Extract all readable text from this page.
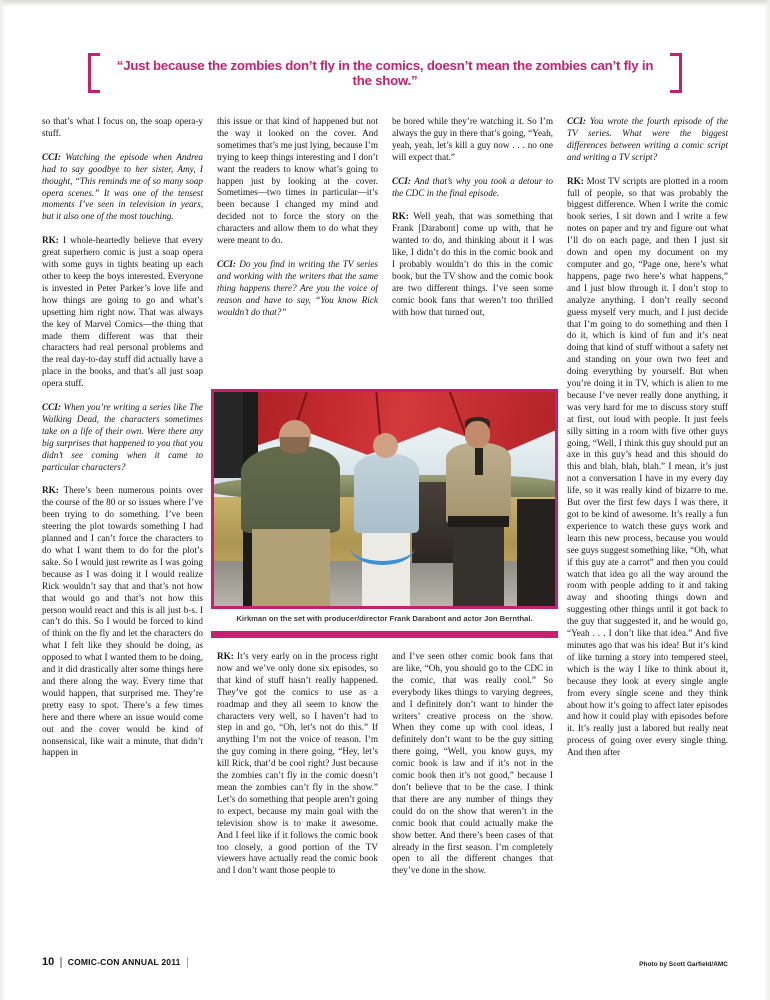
“Just because the zombies don’t fly in the comics, doesn’t mean the zombies can’t fly in the show.”

so that’s what I focus on, the soap opera-y stuff.

CCI: Watching the episode when Andrea had to say goodbye to her sister, Amy, I thought, “This reminds me of so many soap opera scenes.” It was one of the tensest moments I’ve seen in television in years, but it also one of the most touching.

RK: I whole-heartedly believe that every great superhero comic is just a soap opera with some guys in tights beating up each other to keep the boys interested. Everyone is invested in Peter Parker’s love life and how things are going to go and what’s upsetting him right now. That was always the key of Marvel Comics—the thing that made them different was that their characters had real personal problems and the real day-to-day stuff did actually have a place in the books, and that’s all just soap opera stuff.

CCI: When you’re writing a series like The Walking Dead, the characters sometimes take on a life of their own. Were there any big surprises that happened to you that you didn’t see coming when it came to particular characters?

RK: There’s been numerous points over the course of the 80 or so issues where I’ve been trying to do something. I’ve been steering the plot towards something I had planned and I can’t force the characters to do what I want them to do for the plot’s sake. So I would just rewrite as I was going because as I was doing it I would realize Rick wouldn’t say that and that’s not how that would go and that’s not how this person would react and this is all just b-s. I can’t do this. So I would be forced to kind of think on the fly and let the characters do what I felt like they should be doing, as opposed to what I wanted them to be doing, and it did drastically alter some things here and there along the way. Every time that would happen, that surprised me. They’re pretty easy to spot. There’s a few times here and there where an issue would come out and the cover would be kind of nonsensical, like wait a minute, that didn’t happen in

this issue or that kind of happened but not the way it looked on the cover. And sometimes that’s me just lying, because I’m trying to keep things interesting and I don’t want the readers to know what’s going to happen just by looking at the cover. Sometimes—two times in particular—it’s been because I changed my mind and decided not to force the story on the characters and allow them to do what they were meant to do.

CCI: Do you find in writing the TV series and working with the writers that the same thing happens there? Are you the voice of reason and have to say, “You know Rick wouldn’t do that?”

be bored while they’re watching it. So I’m always the guy in there that’s going, “Yeah, yeah, yeah, let’s kill a guy now . . . no one will expect that.”

CCI: And that’s why you took a detour to the CDC in the final episode.

RK: Well yeah, that was something that Frank [Darabont] come up with, that he wanted to do, and thinking about it I was like, I didn’t do this in the comic book and I probably wouldn’t do this in the comic book, but the TV show and the comic book are two different things. I’ve seen some comic book fans that weren’t too thrilled with how that turned out,

CCI: You wrote the fourth episode of the TV series. What were the biggest differences between writing a comic script and writing a TV script?

RK: Most TV scripts are plotted in a room full of people, so that was probably the biggest difference. When I write the comic book series, I sit down and I write a few notes on paper and try and figure out what I’ll do on each page, and then I just sit down and open my document on my computer and go, “Page one, here’s what happens, page two here’s what happens,” and I just blow through it. I don’t stop to analyze anything. I don’t really second guess myself very much, and I just decide that I’m going to do something and then I do it, which is kind of fun and it’s neat doing that kind of stuff without a safety net and standing on your own two feet and doing everything by yourself. But when you’re doing it in TV, which is alien to me because I’ve never really done anything, it was very hard for me to discuss story stuff at first, out loud with people. It just feels silly sitting in a room with five other guys going, “Well, I think this guy should put an axe in this guy’s head and this should do this and blah, blah, blah.” I mean, it’s just not a conversation I have in my every day life, so it was really kind of bizarre to me. But over the first few days I was there, it got to be kind of awesome. It’s really a fun experience to watch these guys work and learn this new process, because you would see guys suggest something like, “Oh, what if this guy ate a carrot” and then you could watch that idea go all the way around the room with people adding to it and taking away and shooting things down and suggesting other things until it got back to the guy that suggested it, and he would go, “Yeah . . . I don’t like that idea.” And five minutes ago that was his idea! But it’s kind of like turning a story into tempered steel, which is the way I like to think about it, because they look at every single angle from every single scene and they think about how it’s going to affect later episodes and how it could play with episodes before it. It’s really just a labored but really neat process of going over every single thing. And then after

Kirkman on the set with producer/director Frank Darabont and actor Jon Bernthal.

RK: It’s very early on in the process right now and we’ve only done six episodes, so that kind of stuff hasn’t really happened. They’ve got the comics to use as a roadmap and they all seem to know the characters very well, so I haven’t had to step in and go, “Oh, let’s not do this.” If anything I’m not the voice of reason. I’m the guy coming in there going, “Hey, let’s kill Rick, that’d be cool right? Just because the zombies can’t fly in the comic doesn’t mean the zombies can’t fly in the show.” Let’s do something that people aren’t going to expect, because my main goal with the television show is to make it awesome. And I feel like if it follows the comic book too closely, a good portion of the TV viewers have actually read the comic book and I don’t want those people to

and I’ve seen other comic book fans that are like, “Oh, you should go to the CDC in the comic, that was really cool.” So everybody likes things to varying degrees, and I definitely don’t want to hinder the writers’ creative process on the show. When they come up with cool ideas, I definitely don’t want to be the guy sitting there going, “Well, you know guys, my comic book is law and if it’s not in the comic book then it’s not good,” because I don’t believe that to be the case. I think that there are any number of things they could do on the show that weren’t in the comic book that could actually make the show better. And there’s been cases of that already in the first season. I’m completely open to all the different changes that they’ve done in the show.

10 COMIC-CON ANNUAL 2011	Photo by Scott Garfield/AMC
